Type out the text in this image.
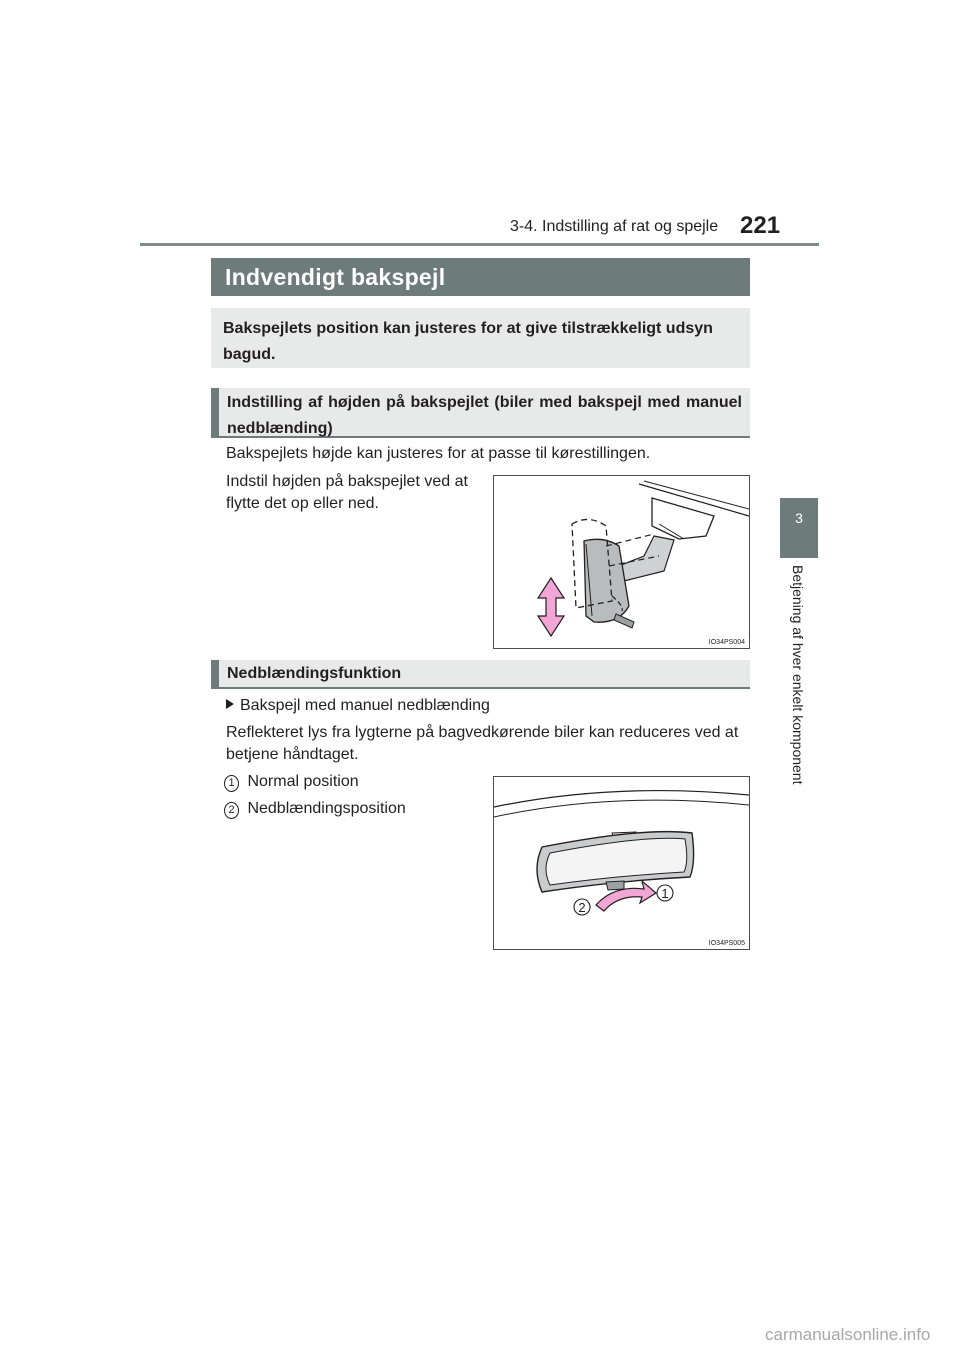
3-4. Indstilling af rat og spejle 221
3
Betjening af hver enkelt komponent
Indvendigt bakspejl
Bakspejlets position kan justeres for at give tilstrækkeligt udsyn bagud.
Indstilling af højden på bakspejlet (biler med bakspejl med manuel nedblænding)
Bakspejlets højde kan justeres for at passe til kørestillingen.
Indstil højden på bakspejlet ved at flytte det op eller ned.
IO34PS004
Nedblændingsfunktion
Bakspejl med manuel nedblænding
Reflekteret lys fra lygterne på bagvedkørende biler kan reduceres ved at betjene håndtaget.
1 Normal position
2 Nedblændingsposition
1
2
IO34PS005
carmanualsonline.info
